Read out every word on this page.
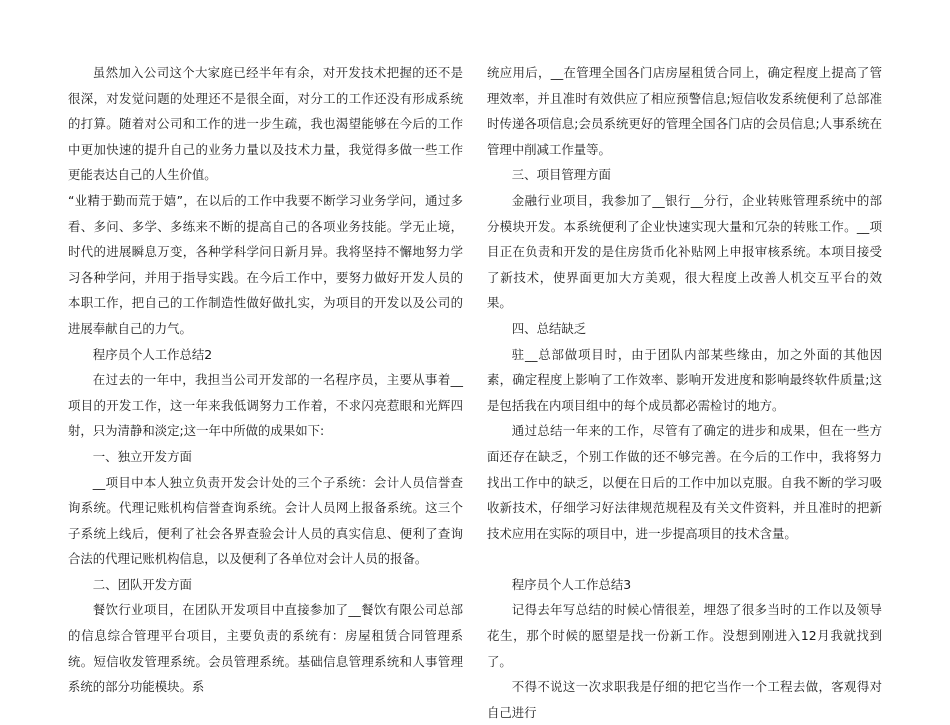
虽然加入公司这个大家庭已经半年有余，对开发技术把握的还不是很深，对发觉问题的处理还不是很全面，对分工的工作还没有形成系统的打算。随着对公司和工作的进一步生疏，我也渴望能够在今后的工作中更加快速的提升自己的业务力量以及技术力量，我觉得多做一些工作更能表达自己的人生价值。

“业精于勤而荒于嬉”，在以后的工作中我要不断学习业务学问，通过多看、多问、多学、多练来不断的提高自己的各项业务技能。学无止境，时代的进展瞬息万变，各种学科学问日新月异。我将坚持不懈地努力学习各种学问，并用于指导实践。在今后工作中，要努力做好开发人员的本职工作，把自己的工作制造性做好做扎实，为项目的开发以及公司的进展奉献自己的力气。

程序员个人工作总结2

在过去的一年中，我担当公司开发部的一名程序员，主要从事着__项目的开发工作，这一年来我低调努力工作着，不求闪亮惹眼和光辉四射，只为清静和淡定;这一年中所做的成果如下:

一、独立开发方面

__项目中本人独立负责开发会计处的三个子系统：会计人员信誉查询系统。代理记账机构信誉查询系统。会计人员网上报备系统。这三个子系统上线后，便利了社会各界查验会计人员的真实信息、便利了查询合法的代理记账机构信息，以及便利了各单位对会计人员的报备。

二、团队开发方面

餐饮行业项目，在团队开发项目中直接参加了__餐饮有限公司总部的信息综合管理平台项目，主要负责的系统有：房屋租赁合同管理系统。短信收发管理系统。会员管理系统。基础信息管理系统和人事管理系统的部分功能模块。系

统应用后，__在管理全国各门店房屋租赁合同上，确定程度上提高了管理效率，并且准时有效供应了相应预警信息;短信收发系统便利了总部准时传递各项信息;会员系统更好的管理全国各门店的会员信息;人事系统在管理中削减工作量等。

三、项目管理方面

金融行业项目，我参加了__银行__分行，企业转账管理系统中的部分模块开发。本系统便利了企业快速实现大量和冗杂的转账工作。__项目正在负责和开发的是住房货币化补贴网上申报审核系统。本项目接受了新技术，使界面更加大方美观，很大程度上改善人机交互平台的效果。

四、总结缺乏

驻__总部做项目时，由于团队内部某些缘由，加之外面的其他因素，确定程度上影响了工作效率、影响开发进度和影响最终软件质量;这是包括我在内项目组中的每个成员都必需检讨的地方。

通过总结一年来的工作，尽管有了确定的进步和成果，但在一些方面还存在缺乏，个别工作做的还不够完善。在今后的工作中，我将努力找出工作中的缺乏，以便在日后的工作中加以克服。自我不断的学习吸收新技术，仔细学习好法律规范规程及有关文件资料，并且准时的把新技术应用在实际的项目中，进一步提高项目的技术含量。

程序员个人工作总结3

记得去年写总结的时候心情很差，埋怨了很多当时的工作以及领导花生，那个时候的愿望是找一份新工作。没想到刚进入12月我就找到了。

不得不说这一次求职我是仔细的把它当作一个工程去做，客观得对自己进行
